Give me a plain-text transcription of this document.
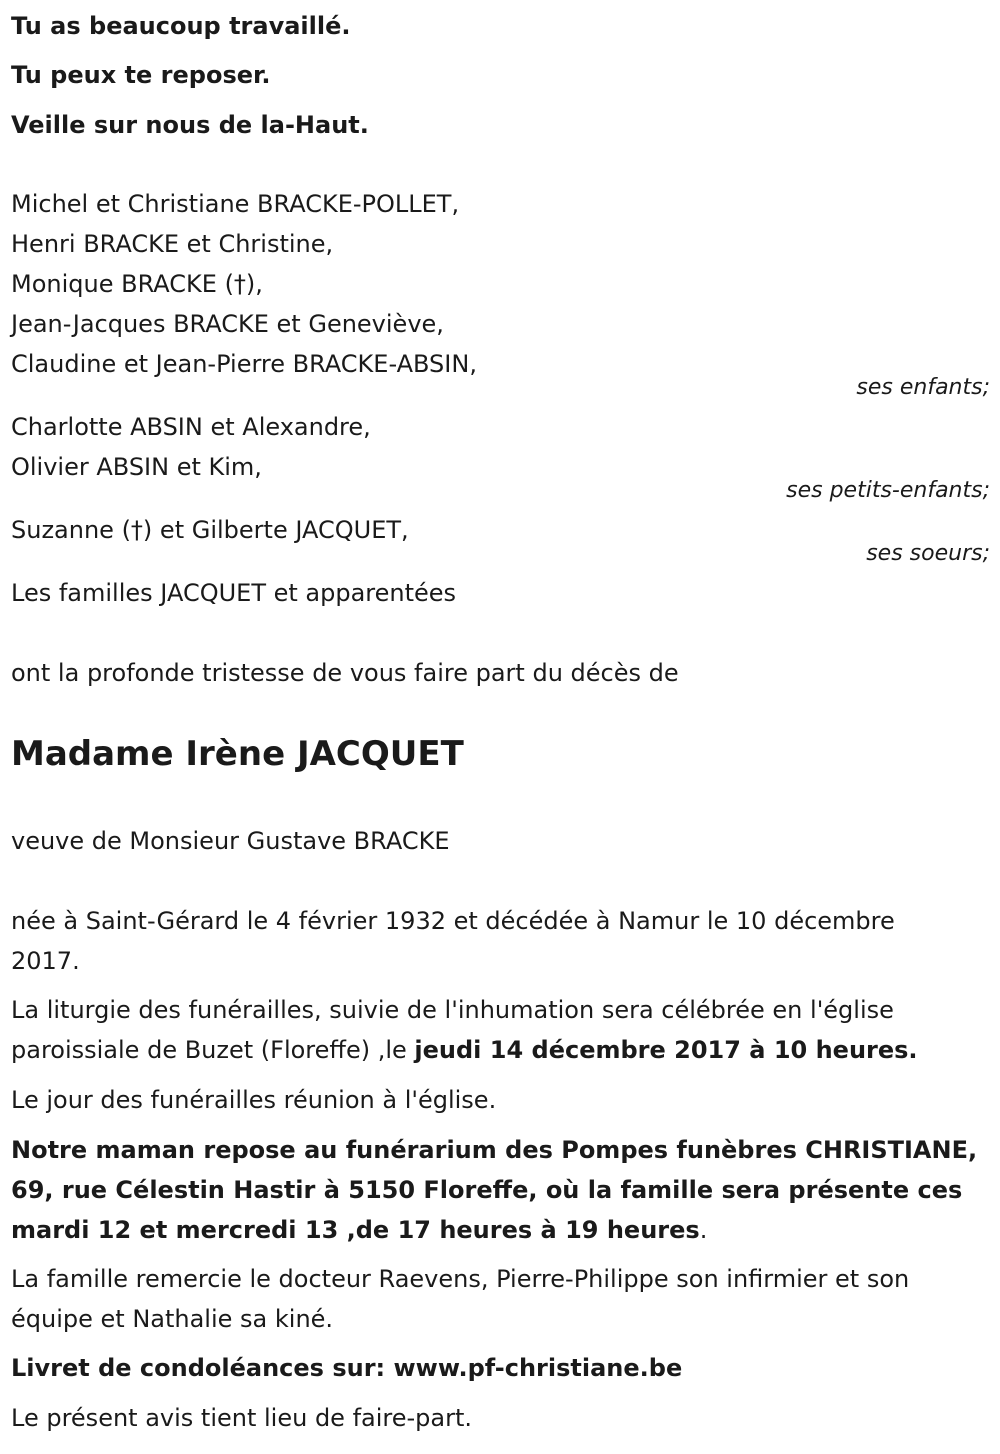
Tu as beaucoup travaillé.

Tu peux te reposer.

Veille sur nous de la-Haut.

Michel et Christiane BRACKE-POLLET,

Henri BRACKE et Christine,

Monique BRACKE (†),

Jean-Jacques BRACKE et Geneviève,

Claudine et Jean-Pierre BRACKE-ABSIN,

ses enfants;

Charlotte ABSIN et Alexandre,

Olivier ABSIN et Kim,

ses petits-enfants;

Suzanne (†) et Gilberte JACQUET,

ses soeurs;

Les familles JACQUET et apparentées

ont la profonde tristesse de vous faire part du décès de

Madame Irène JACQUET

veuve de Monsieur Gustave BRACKE

née à Saint-Gérard le 4 février 1932 et décédée à Namur le 10 décembre 2017.

La liturgie des funérailles, suivie de l'inhumation sera célébrée en l'église paroissiale de Buzet (Floreffe) ,le jeudi 14 décembre 2017 à 10 heures.

Le jour des funérailles réunion à l'église.

Notre maman repose au funérarium des Pompes funèbres CHRISTIANE, 69, rue Célestin Hastir à 5150 Floreffe, où la famille sera présente ces mardi 12 et mercredi 13 ,de 17 heures à 19 heures.

La famille remercie le docteur Raevens, Pierre-Philippe son infirmier et son équipe et Nathalie sa kiné.

Livret de condoléances sur: www.pf-christiane.be

Le présent avis tient lieu de faire-part.
